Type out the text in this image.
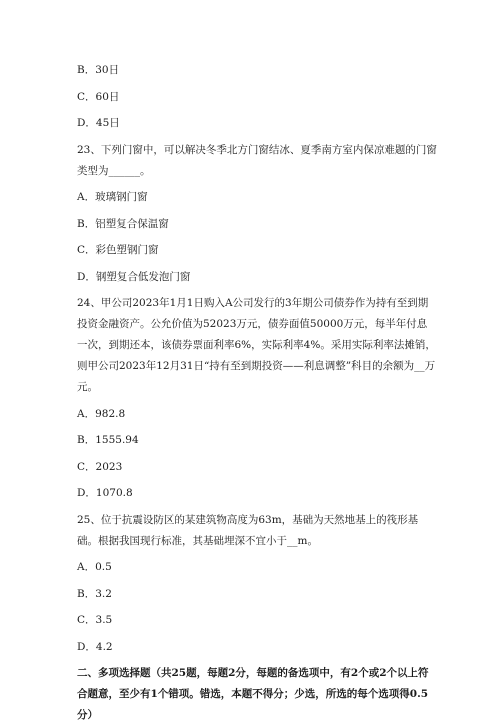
B．30日
C．60日
D．45日
23、下列门窗中，可以解决冬季北方门窗结冰、夏季南方室内保凉难题的门窗类型为______。
A．玻璃钢门窗
B．铝塑复合保温窗
C．彩色塑钢门窗
D．钢塑复合低发泡门窗
24、甲公司2023年1月1日购入A公司发行的3年期公司债券作为持有至到期投资金融资产。公允价值为52023万元，债券面值50000万元，每半年付息一次，到期还本，该债券票面利率6%，实际利率4%。采用实际利率法摊销，则甲公司2023年12月31日“持有至到期投资——利息调整”科目的余额为__万元。
A．982.8
B．1555.94
C．2023
D．1070.8
25、位于抗震设防区的某建筑物高度为63m，基础为天然地基上的筏形基础。根据我国现行标准，其基础埋深不宜小于__m。
A．0.5
B．3.2
C．3.5
D．4.2
二、多项选择题（共25题，每题2分，每题的备选项中，有2个或2个以上符合题意，至少有1个错项。错选，本题不得分；少选，所选的每个选项得0.5分）
